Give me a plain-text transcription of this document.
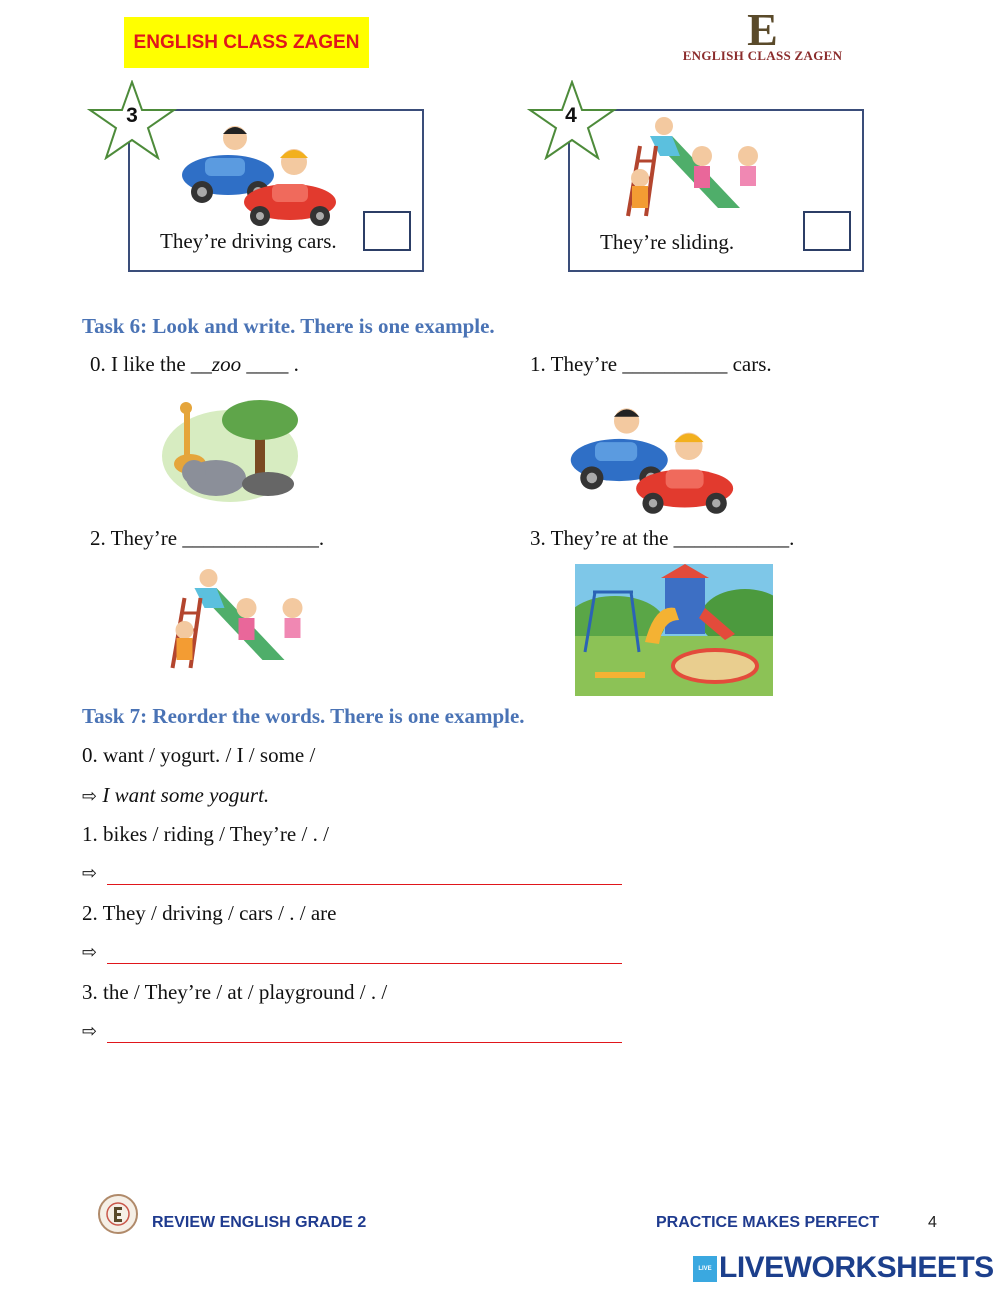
ENGLISH CLASS ZAGEN	E
ENGLISH CLASS ZAGEN
3
They’re driving cars.
4
They’re sliding.
Task 6: Look and write. There is one example.
0. I like the __zoo ____ .	1. They’re __________ cars.
2. They’re _____________.	3. They’re at the ___________.
Task 7: Reorder the words. There is one example.
0. want / yogurt. / I / some /
⇨ I want some yogurt.
1. bikes / riding / They’re / . /
⇨
2. They / driving / cars / . / are
⇨
3. the / They’re / at / playground / . /
⇨
REVIEW ENGLISH GRADE 2	PRACTICE MAKES PERFECT	4
LIVE LIVEWORKSHEETS
